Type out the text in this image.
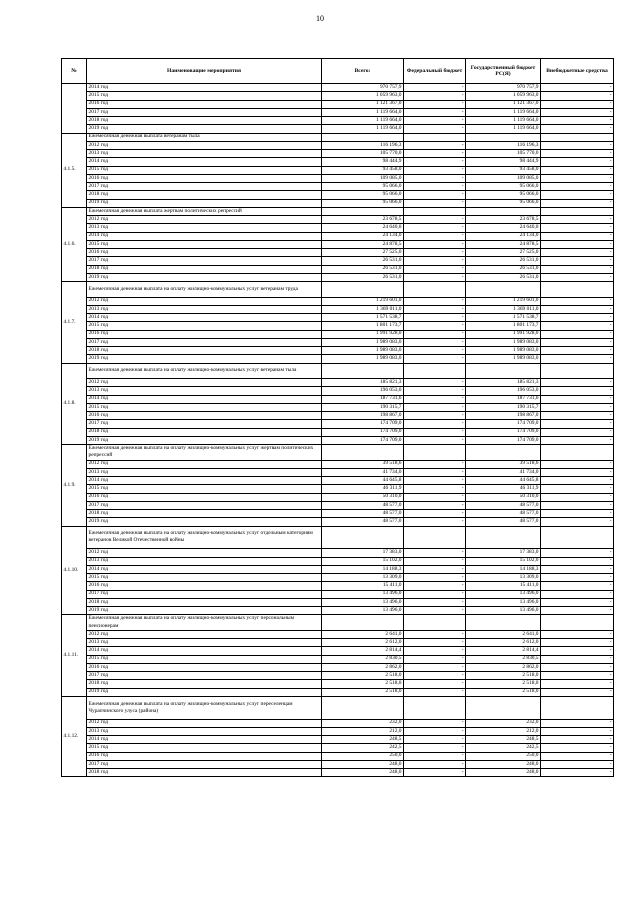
10
№	Наименоващие мероприятия	Всего:	Федеральный бюджет	Государственный бюджет РС(Я)	Внебюджетные средства
	2014 год	970 757,9	-	970 757,9	-
	2015 год	1 059 963,0	-	1 059 963,0	-
	2016 год	1 121 367,0	-	1 121 367,0	-
	2017 год	1 119 664,0	-	1 119 664,0	-
	2018 год	1 119 664,0	-	1 119 664,0	-
	2019 год	1 119 664,0	-	1 119 664,0	-
4.1.5.	Ежемесячная денежная выплата ветеранам тыла				
	2012 год	116 196,3	-	116 196,3	-
	2013 год	105 770,0	-	105 770,0	-
	2014 год	98 444,9	-	98 444,9	-
	2015 год	93 458,0	-	93 458,0	-
	2016 год	109 085,0	-	109 085,0	-
	2017 год	95 066,0	-	95 066,0	-
	2018 год	95 066,0	-	95 066,0	-
	2019 год	95 066,0	-	95 066,0	-
4.1.6.	Ежемесячная денежная выплата жертвам политических репрессий				
	2012 год	23 678,5	-	23 678,5	-
	2013 год	24 640,0	-	24 640,0	-
	2014 год	24 134,0	-	24 134,0	-
	2015 год	24 878,5	-	24 878,5	-
	2016 год	27 525,0	-	27 525,0	-
	2017 год	26 531,0	-	26 531,0	-
	2018 год	26 531,0	-	26 531,0	-
	2019 год	26 531,0	-	26 531,0	-
4.1.7.	Ежемесячная денежная выплата на оплату жилищно-коммунальных услуг ветеранам труда				
	2012 год	1 219 601,0	-	1 219 601,0	-
	2013 год	1 369 011,0	-	1 369 011,0	-
	2014 год	1 571 538,7	-	1 571 538,7	-
	2015 год	1 801 173,7	-	1 801 173,7	-
	2016 год	1 991 928,0	-	1 991 928,0	-
	2017 год	1 989 083,0	-	1 989 083,0	-
	2018 год	1 989 083,0	-	1 989 083,0	-
	2019 год	1 989 083,0	-	1 989 083,0	-
4.1.8.	Ежемесячная денежная выплата на оплату жилищно-коммунальных услуг ветеранам тыла				
	2012 год	185 821,3	-	185 821,3	-
	2013 год	196 053,0	-	196 053,0	-
	2014 год	187 731,6	-	187 731,6	-
	2015 год	190 315,7	-	190 315,7	-
	2016 год	198 867,0	-	198 867,0	-
	2017 год	174 709,0	-	174 709,0	-
	2018 год	174 709,0	-	174 709,0	-
	2019 год	174 709,0	-	174 709,0	-
4.1.9.	Ежемесячная денежная выплата на оплату жилищно-коммунальных услуг жертвам политических репрессий				
	2012 год	39 518,6	-	39 518,6	-
	2013 год	41 734,0	-	41 734,0	-
	2014 год	44 645,8	-	44 645,8	-
	2015 год	46 311,9	-	46 311,9	-
	2016 год	50 310,0	-	50 310,0	-
	2017 год	48 577,0	-	48 577,0	-
	2018 год	48 577,0	-	48 577,0	-
	2019 год	48 577,0	-	48 577,0	-
4.1.10.	Ежемесячная денежная выплата на оплату жилищно-коммунальных услуг отдельным категориям ветеранов Великой Отечественной войны				
	2012 год	17 383,0	-	17 383,0	-
	2013 год	15 102,0	-	15 102,0	-
	2014 год	14 188,3	-	14 188,3	-
	2015 год	13 309,0	-	13 309,0	-
	2016 год	15 411,0	-	15 411,0	-
	2017 год	13 496,0	-	13 496,0	-
	2018 год	13 496,0	-	13 496,0	-
	2019 год	13 496,0	-	13 496,0	-
4.1.11.	Ежемесячная денежная выплата на оплату жилищно-коммунальных услуг персональным пенсионерам				
	2012 год	2 641,0	-	2 641,0	-
	2013 год	2 612,0	-	2 612,0	-
	2014 год	2 814,4	-	2 814,4	-
	2015 год	2 830,5	-	2 830,5	-
	2016 год	2 862,0	-	2 862,0	-
	2017 год	2 518,0	-	2 518,0	-
	2018 год	2 518,0	-	2 518,0	-
	2019 год	2 518,0	-	2 518,0	-
4.1.12.	Ежемесячная денежная выплата на оплату жилищно-коммунальных услуг переселенцам Чурапчинского улуса (района)				
	2012 год	232,0	-	232,0	-
	2013 год	212,0	-	212,0	-
	2014 год	248,5	-	248,5	-
	2015 год	242,5	-	242,5	-
	2016 год	250,0	-	250,0	-
	2017 год	248,0	-	248,0	-
	2018 год	248,0	-	248,0	-
